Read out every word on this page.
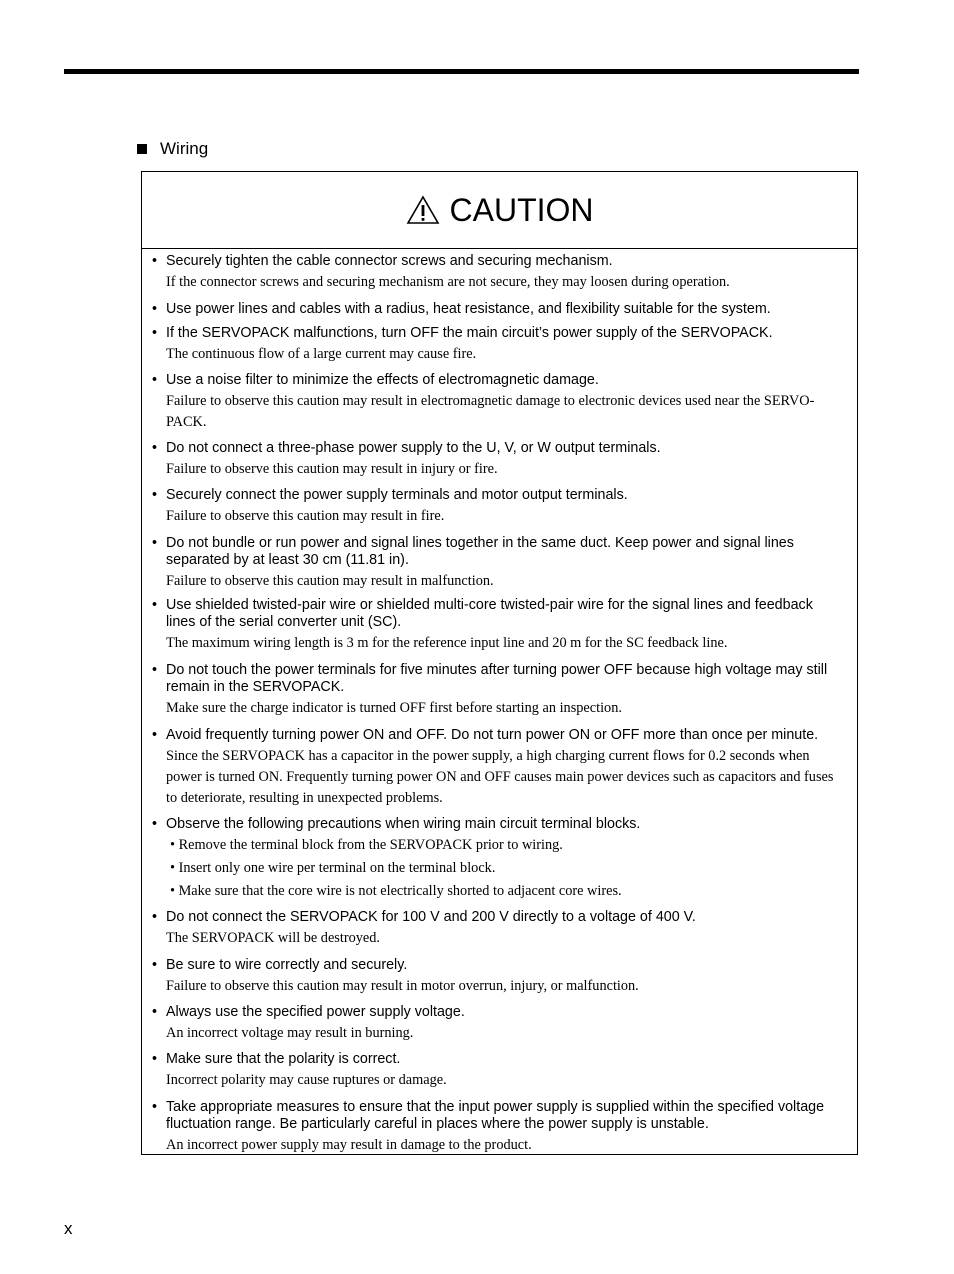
Wiring
CAUTION
• Securely tighten the cable connector screws and securing mechanism.
If the connector screws and securing mechanism are not secure, they may loosen during operation.
• Use power lines and cables with a radius, heat resistance, and flexibility suitable for the system.
• If the SERVOPACK malfunctions, turn OFF the main circuit’s power supply of the SERVOPACK.
The continuous flow of a large current may cause fire.
• Use a noise filter to minimize the effects of electromagnetic damage.
Failure to observe this caution may result in electromagnetic damage to electronic devices used near the SERVO-PACK.
• Do not connect a three-phase power supply to the U, V, or W output terminals.
Failure to observe this caution may result in injury or fire.
• Securely connect the power supply terminals and motor output terminals.
Failure to observe this caution may result in fire.
• Do not bundle or run power and signal lines together in the same duct. Keep power and signal lines separated by at least 30 cm (11.81 in).
Failure to observe this caution may result in malfunction.
• Use shielded twisted-pair wire or shielded multi-core twisted-pair wire for the signal lines and feedback lines of the serial converter unit (SC).
The maximum wiring length is 3 m for the reference input line and 20 m for the SC feedback line.
• Do not touch the power terminals for five minutes after turning power OFF because high voltage may still remain in the SERVOPACK.
Make sure the charge indicator is turned OFF first before starting an inspection.
• Avoid frequently turning power ON and OFF. Do not turn power ON or OFF more than once per minute.
Since the SERVOPACK has a capacitor in the power supply, a high charging current flows for 0.2 seconds when power is turned ON. Frequently turning power ON and OFF causes main power devices such as capacitors and fuses to deteriorate, resulting in unexpected problems.
• Observe the following precautions when wiring main circuit terminal blocks.
• Remove the terminal block from the SERVOPACK prior to wiring.
• Insert only one wire per terminal on the terminal block.
• Make sure that the core wire is not electrically shorted to adjacent core wires.
• Do not connect the SERVOPACK for 100 V and 200 V directly to a voltage of 400 V.
The SERVOPACK will be destroyed.
• Be sure to wire correctly and securely.
Failure to observe this caution may result in motor overrun, injury, or malfunction.
• Always use the specified power supply voltage.
An incorrect voltage may result in burning.
• Make sure that the polarity is correct.
Incorrect polarity may cause ruptures or damage.
• Take appropriate measures to ensure that the input power supply is supplied within the specified voltage fluctuation range. Be particularly careful in places where the power supply is unstable.
An incorrect power supply may result in damage to the product.
x
